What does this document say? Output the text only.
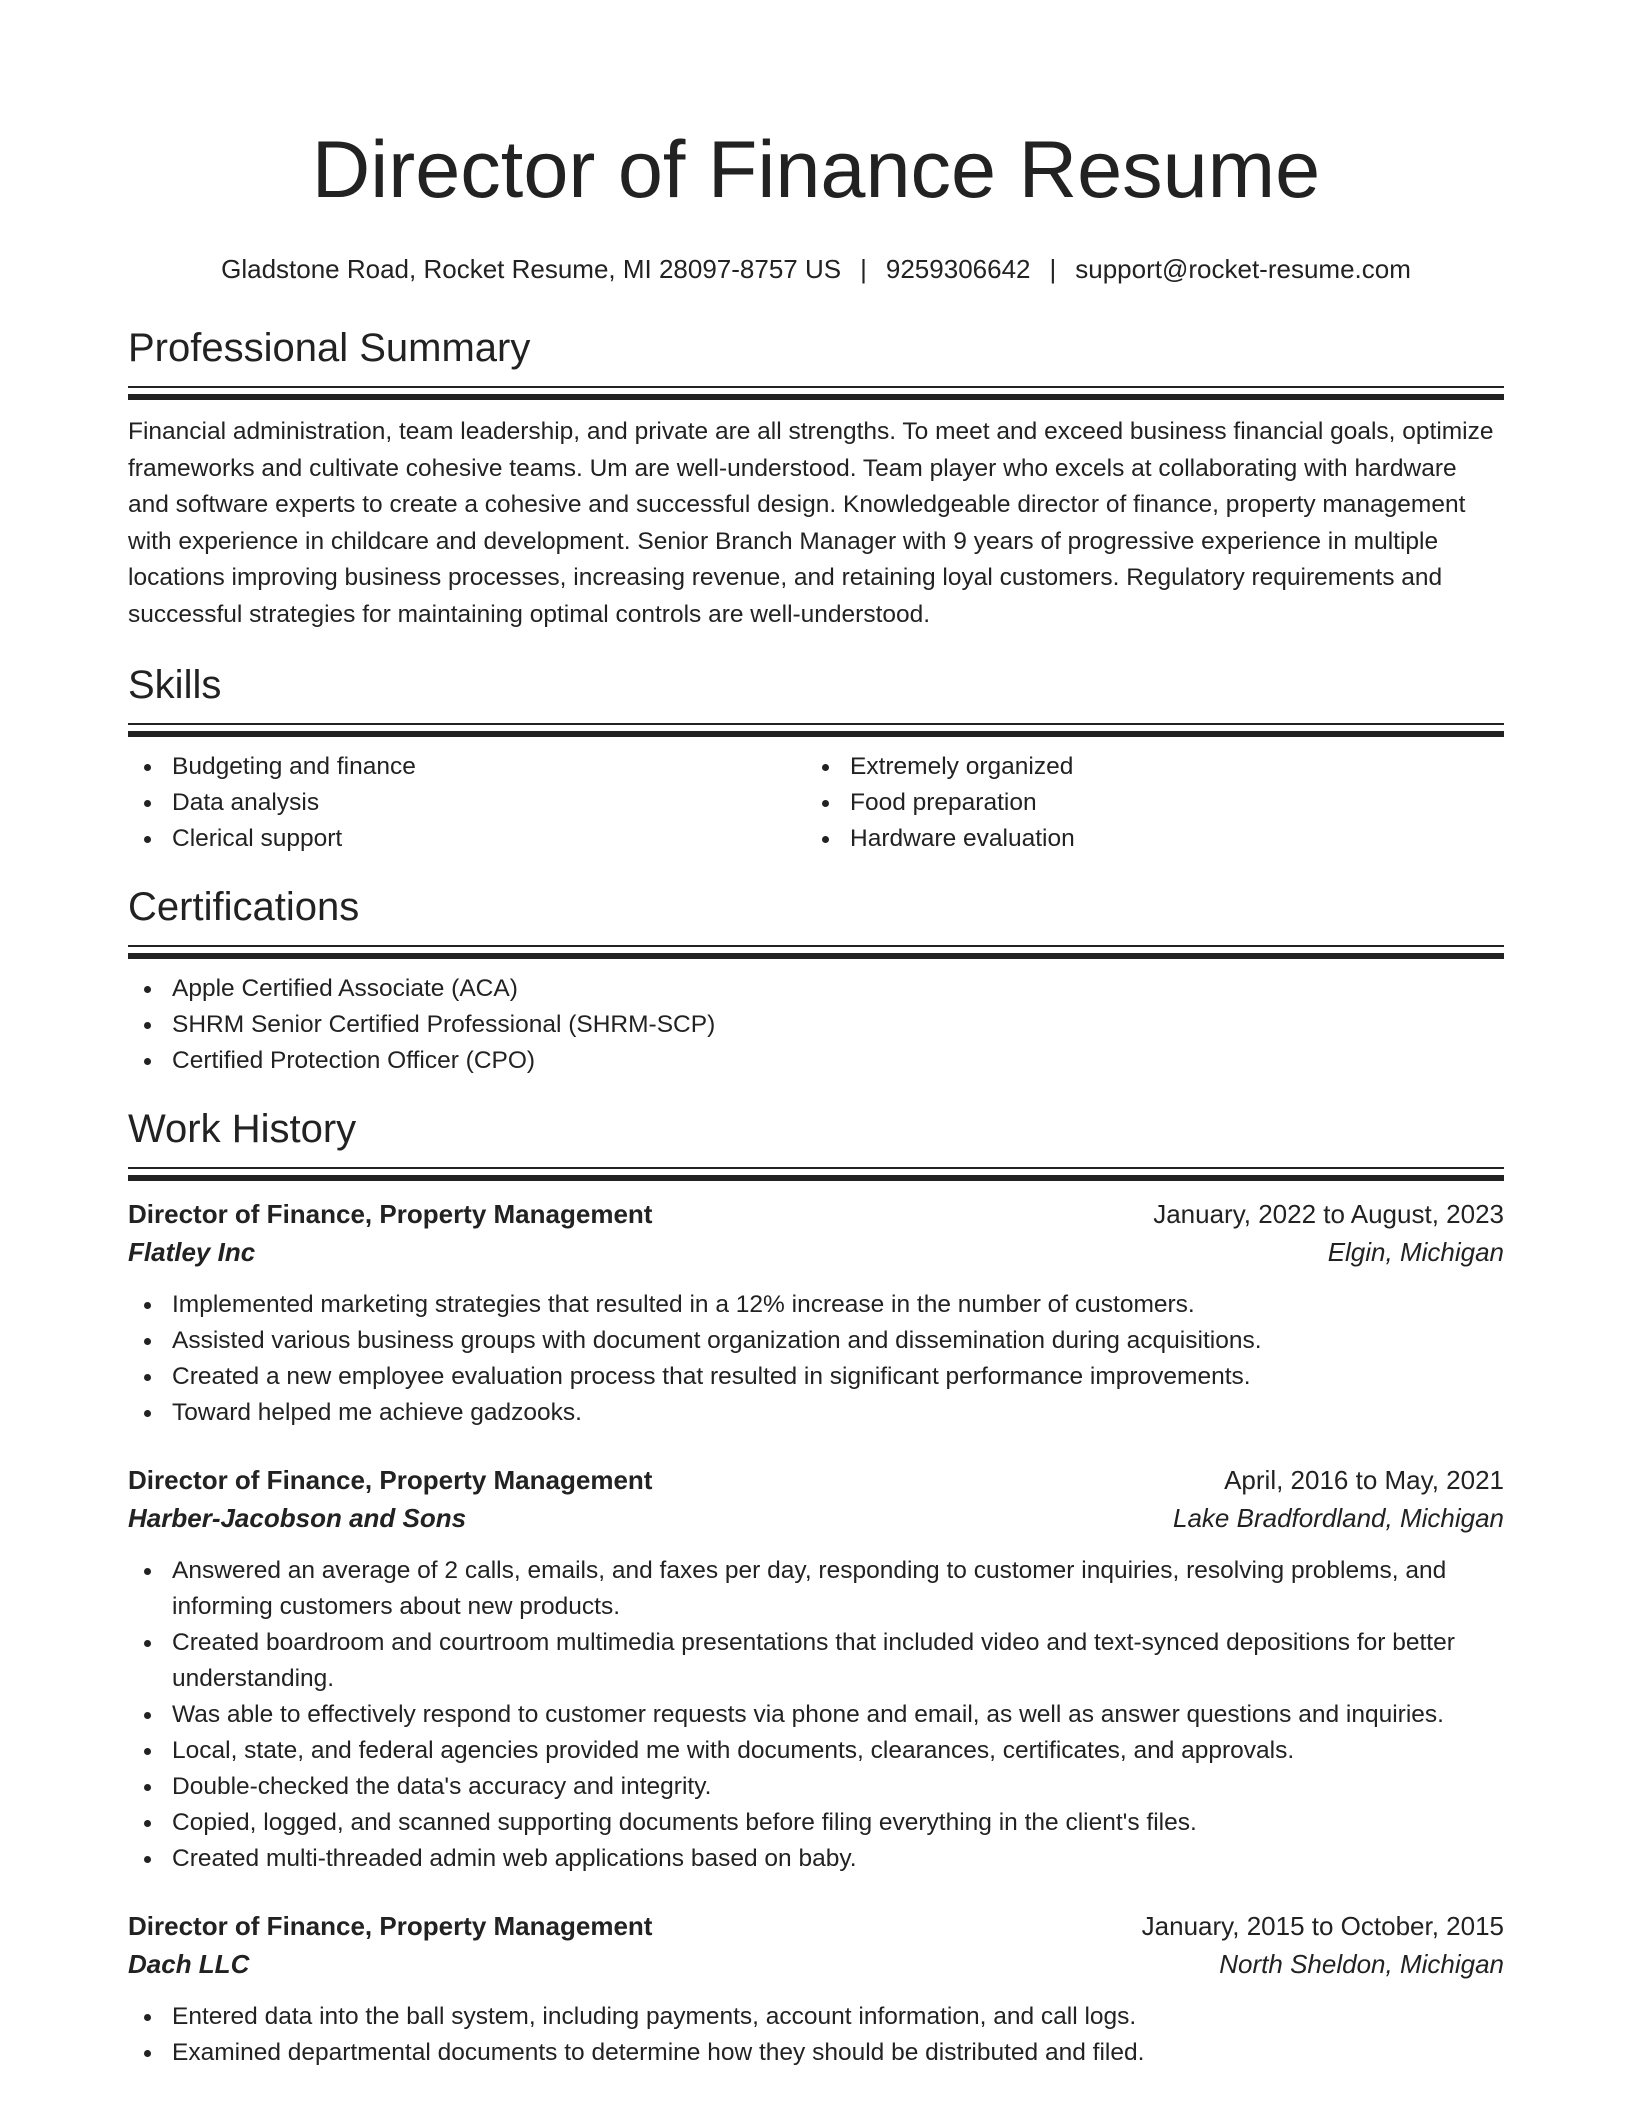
Director of Finance Resume
Gladstone Road, Rocket Resume, MI 28097-8757 US | 9259306642 | support@rocket-resume.com
Professional Summary

Financial administration, team leadership, and private are all strengths. To meet and exceed business financial goals, optimize frameworks and cultivate cohesive teams. Um are well-understood. Team player who excels at collaborating with hardware and software experts to create a cohesive and successful design. Knowledgeable director of finance, property management with experience in childcare and development. Senior Branch Manager with 9 years of progressive experience in multiple locations improving business processes, increasing revenue, and retaining loyal customers. Regulatory requirements and successful strategies for maintaining optimal controls are well-understood.

Skills
Budgeting and finance
Data analysis
Clerical support
Extremely organized
Food preparation
Hardware evaluation
Certifications
Apple Certified Associate (ACA)
SHRM Senior Certified Professional (SHRM-SCP)
Certified Protection Officer (CPO)
Work History
Director of Finance, Property Management	January, 2022 to August, 2023
Flatley Inc	Elgin, Michigan
Implemented marketing strategies that resulted in a 12% increase in the number of customers.
Assisted various business groups with document organization and dissemination during acquisitions.
Created a new employee evaluation process that resulted in significant performance improvements.
Toward helped me achieve gadzooks.
Director of Finance, Property Management	April, 2016 to May, 2021
Harber-Jacobson and Sons	Lake Bradfordland, Michigan
Answered an average of 2 calls, emails, and faxes per day, responding to customer inquiries, resolving problems, and informing customers about new products.
Created boardroom and courtroom multimedia presentations that included video and text-synced depositions for better understanding.
Was able to effectively respond to customer requests via phone and email, as well as answer questions and inquiries.
Local, state, and federal agencies provided me with documents, clearances, certificates, and approvals.
Double-checked the data's accuracy and integrity.
Copied, logged, and scanned supporting documents before filing everything in the client's files.
Created multi-threaded admin web applications based on baby.
Director of Finance, Property Management	January, 2015 to October, 2015
Dach LLC	North Sheldon, Michigan
Entered data into the ball system, including payments, account information, and call logs.
Examined departmental documents to determine how they should be distributed and filed.
